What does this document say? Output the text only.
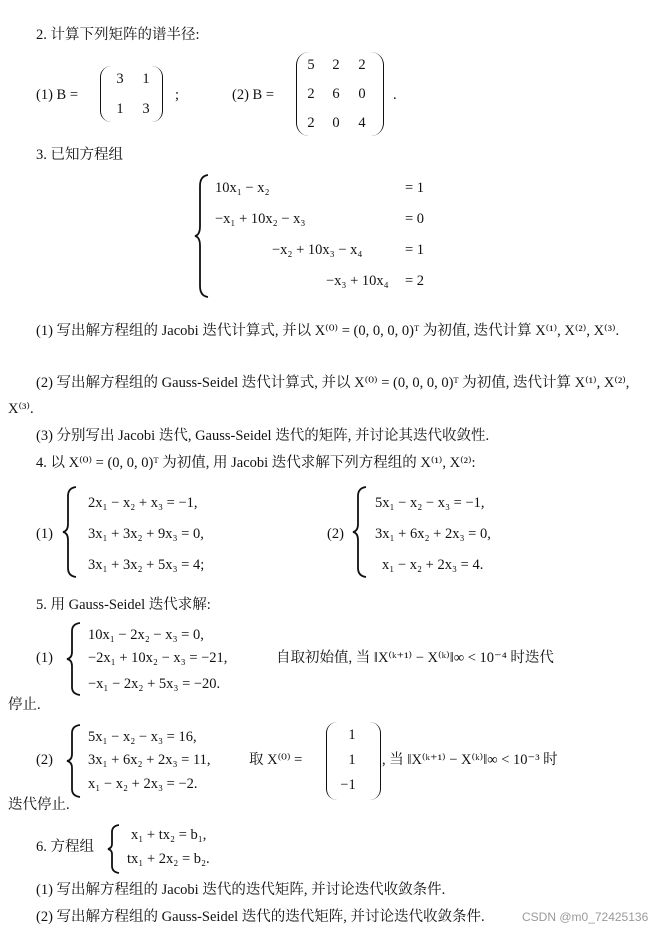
2. 计算下列矩阵的谱半径:
(1) B =
3	1
1	3
;	(2) B =
5	2	2
2	6	0
2	0	4
.
3. 已知方程组
10x₁ − x₂	= 1
−x₁ + 10x₂ − x₃	= 0
−x₂ + 10x₃ − x₄	= 1
−x₃ + 10x₄ = 2
(1) 写出解方程组的 Jacobi 迭代计算式, 并以 X⁽⁰⁾ = (0, 0, 0, 0)ᵀ 为初值, 迭代计算 X⁽¹⁾, X⁽²⁾, X⁽³⁾.
(2) 写出解方程组的 Gauss-Seidel 迭代计算式, 并以 X⁽⁰⁾ = (0, 0, 0, 0)ᵀ 为初值, 迭代计算 X⁽¹⁾, X⁽²⁾, X⁽³⁾.
(3) 分别写出 Jacobi 迭代, Gauss-Seidel 迭代的矩阵, 并讨论其迭代收敛性.
4. 以 X⁽⁰⁾ = (0, 0, 0)ᵀ 为初值, 用 Jacobi 迭代求解下列方程组的 X⁽¹⁾, X⁽²⁾:
(1)
2x₁ − x₂ + x₃ = −1,
3x₁ + 3x₂ + 9x₃ = 0,
3x₁ + 3x₂ + 5x₃ = 4;
(2)
5x₁ − x₂ − x₃ = −1,
3x₁ + 6x₂ + 2x₃ = 0,
x₁ − x₂ + 2x₃ = 4.
5. 用 Gauss-Seidel 迭代求解:
(1)
10x₁ − 2x₂ − x₃ = 0,
−2x₁ + 10x₂ − x₃ = −21,
−x₁ − 2x₂ + 5x₃ = −20.
自取初始值, 当 ‖X⁽ᵏ⁺¹⁾ − X⁽ᵏ⁾‖∞ < 10⁻⁴ 时迭代
停止.
(2)
5x₁ − x₂ − x₃ = 16,
3x₁ + 6x₂ + 2x₃ = 11,
x₁ − x₂ + 2x₃ = −2.
取 X⁽⁰⁾ =
1
1
−1
, 当 ‖X⁽ᵏ⁺¹⁾ − X⁽ᵏ⁾‖∞ < 10⁻³ 时
迭代停止.
6. 方程组
x₁ + tx₂ = b₁,
tx₁ + 2x₂ = b₂.
(1) 写出解方程组的 Jacobi 迭代的迭代矩阵, 并讨论迭代收敛条件.
(2) 写出解方程组的 Gauss-Seidel 迭代的迭代矩阵, 并讨论迭代收敛条件.	CSDN @m0_72425136
